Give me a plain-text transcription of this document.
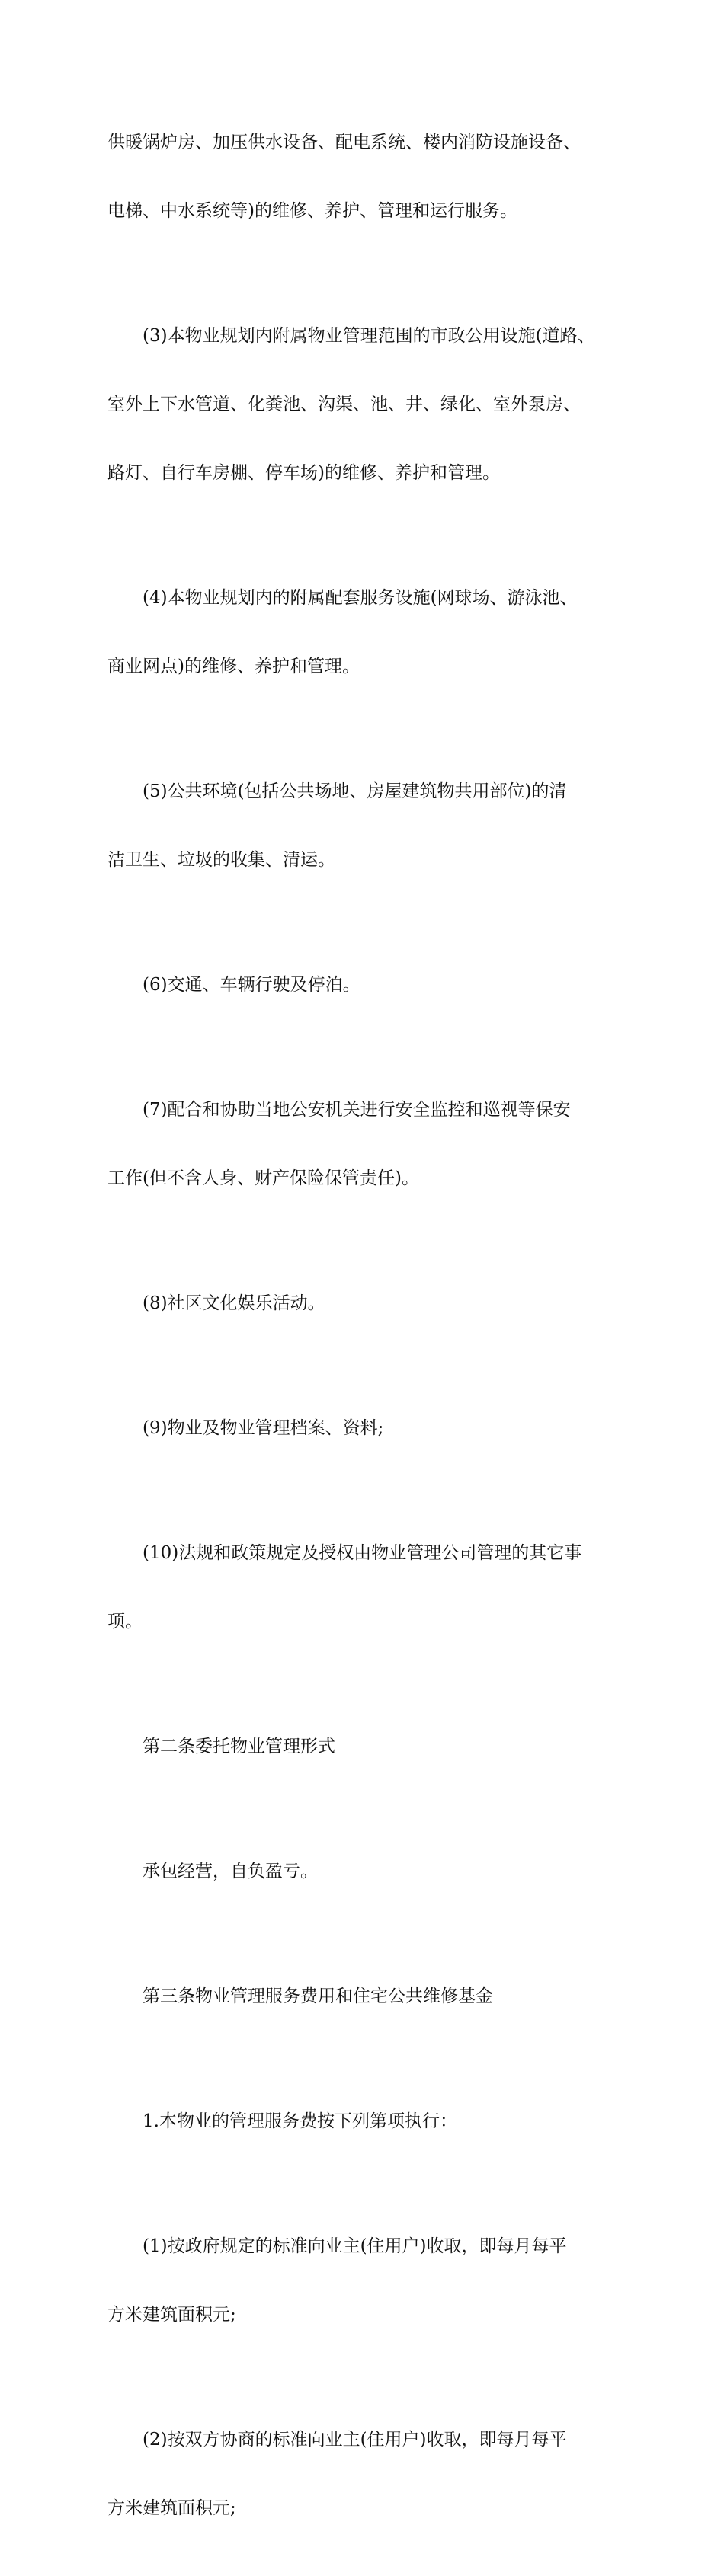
供暖锅炉房、加压供水设备、配电系统、楼内消防设施设备、

电梯、中水系统等)的维修、养护、管理和运行服务。

(3)本物业规划内附属物业管理范围的市政公用设施(道路、

室外上下水管道、化粪池、沟渠、池、井、绿化、室外泵房、

路灯、自行车房棚、停车场)的维修、养护和管理。

(4)本物业规划内的附属配套服务设施(网球场、游泳池、

商业网点)的维修、养护和管理。

(5)公共环境(包括公共场地、房屋建筑物共用部位)的清

洁卫生、垃圾的收集、清运。

(6)交通、车辆行驶及停泊。

(7)配合和协助当地公安机关进行安全监控和巡视等保安

工作(但不含人身、财产保险保管责任)。

(8)社区文化娱乐活动。

(9)物业及物业管理档案、资料;

(10)法规和政策规定及授权由物业管理公司管理的其它事

项。

第二条委托物业管理形式

承包经营，自负盈亏。

第三条物业管理服务费用和住宅公共维修基金

1.本物业的管理服务费按下列第项执行：

(1)按政府规定的标准向业主(住用户)收取，即每月每平

方米建筑面积元;

(2)按双方协商的标准向业主(住用户)收取，即每月每平

方米建筑面积元;
